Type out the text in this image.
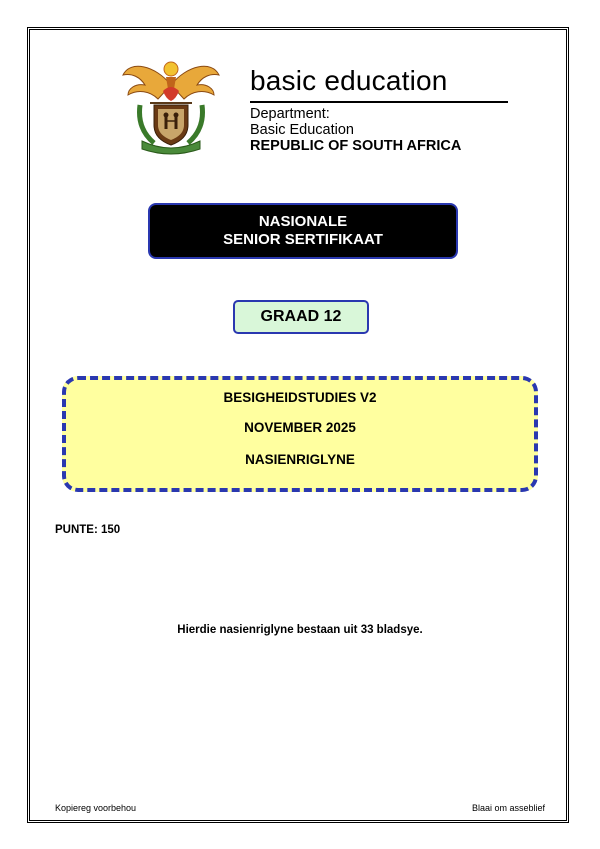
basic education
Department:
Basic Education
REPUBLIC OF SOUTH AFRICA
NASIONALE
SENIOR SERTIFIKAAT
GRAAD 12
BESIGHEIDSTUDIES V2
NOVEMBER 2025
NASIENRIGLYNE
PUNTE: 150
Hierdie nasienriglyne bestaan uit 33 bladsye.
Kopiereg voorbehou	Blaai om asseblief
